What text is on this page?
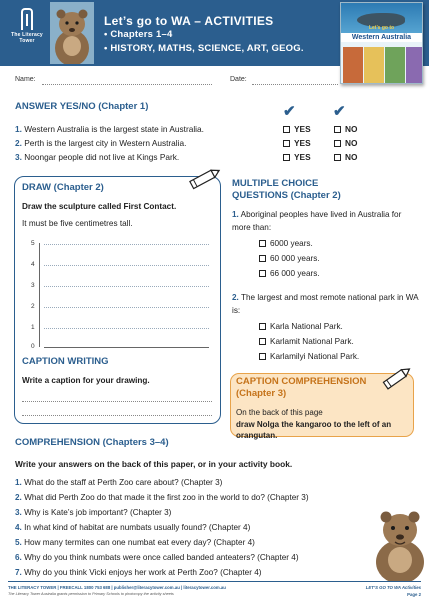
The Literacy Tower
Let’s go to WA – ACTIVITIES
• Chapters 1–4
• HISTORY, MATHS, SCIENCE, ART, GEOG.
Let’s go to
Western Australia
Name:	Date:
ANSWER YES/NO (Chapter 1)	✔ ✔
1. Western Australia is the largest state in Australia.	YES	NO
2. Perth is the largest city in Western Australia.	YES	NO
3. Noongar people did not live at Kings Park.	YES	NO
DRAW (Chapter 2)
Draw the sculpture called First Contact.
It must be five centimetres tall.
5
4
3
2
1
0
CAPTION WRITING
Write a caption for your drawing.
MULTIPLE CHOICE
QUESTIONS (Chapter 2)
1. Aboriginal peoples have lived in Australia for more than:
6000 years.
60 000 years.
66 000 years.
2. The largest and most remote national park in WA is:
Karla National Park.
Karlamit National Park.
Karlamilyi National Park.
CAPTION COMPREHENSION
(Chapter 3)
On the back of this page
draw Nolga the kangaroo to the left of an orangutan.
COMPREHENSION (Chapters 3–4)
Write your answers on the back of this paper, or in your activity book.
1. What do the staff at Perth Zoo care about? (Chapter 3)
2. What did Perth Zoo do that made it the first zoo in the world to do? (Chapter 3)
3. Why is Kate’s job important? (Chapter 3)
4. In what kind of habitat are numbats usually found? (Chapter 4)
5. How many termites can one numbat eat every day? (Chapter 4)
6. Why do you think numbats were once called banded anteaters? (Chapter 4)
7. Why do you think Vicki enjoys her work at Perth Zoo? (Chapter 4)
THE LITERACY TOWER | FREECALL 1800 753 688 | publisher@literacytower.com.au | literacytower.com.au
The Literacy Tower Australia grants permission to Primary Schools to photocopy the activity sheets
LET’S GO TO WA Activities
Page 2
